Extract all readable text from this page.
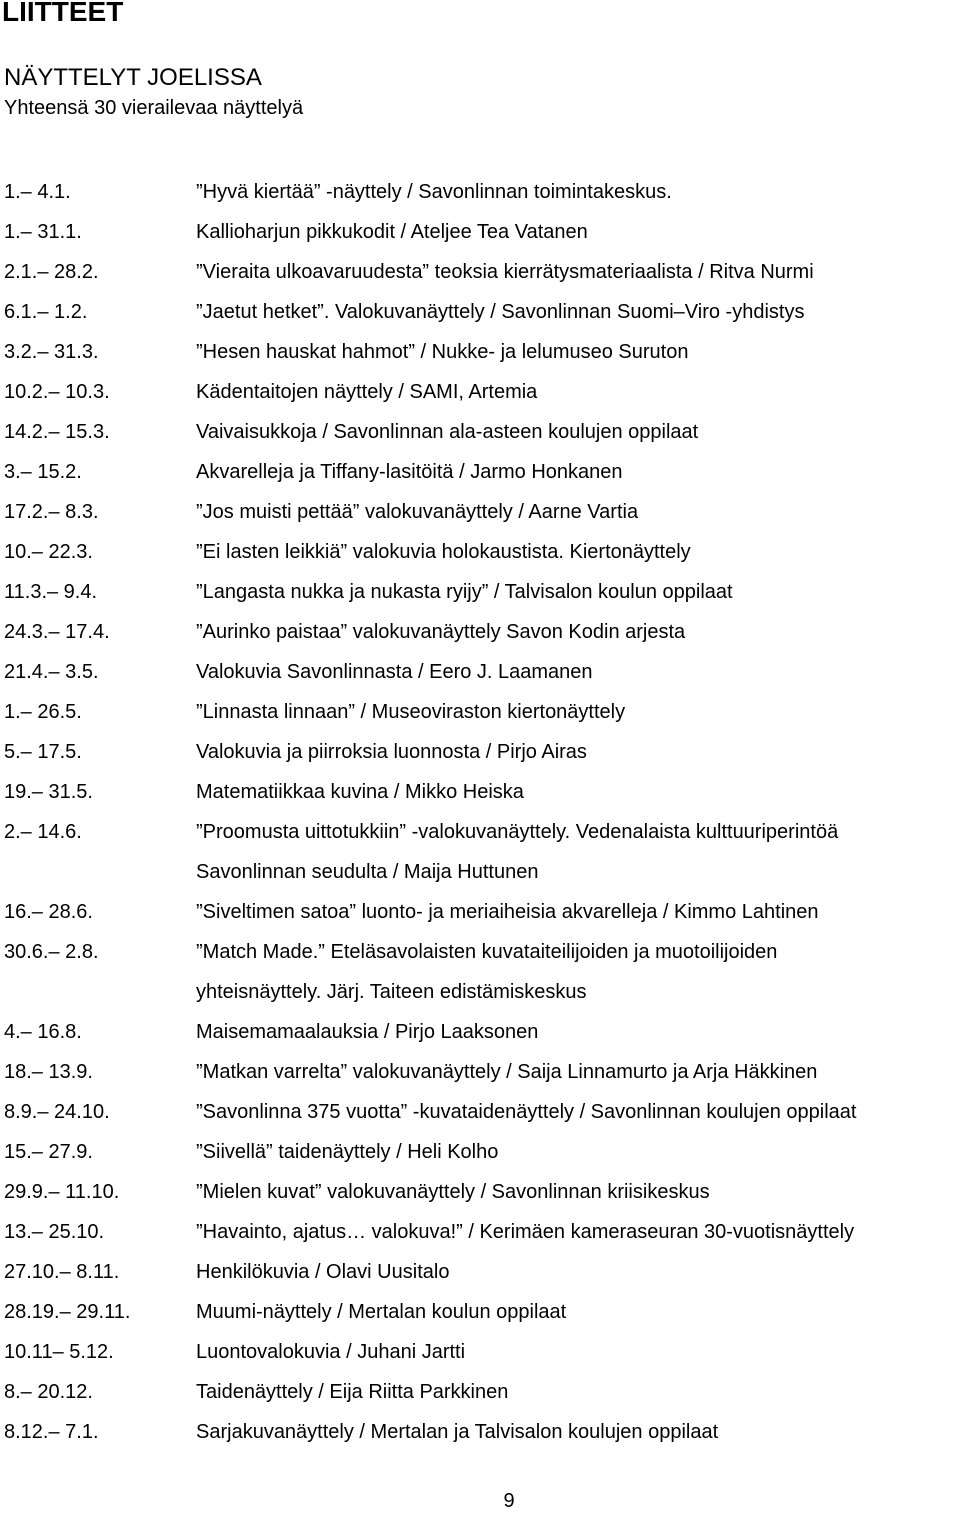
LIITTEET
NÄYTTELYT JOELISSA
Yhteensä 30 vierailevaa näyttelyä
1.– 4.1.	”Hyvä kiertää” -näyttely / Savonlinnan toimintakeskus.
1.– 31.1.	Kallioharjun pikkukodit / Ateljee Tea Vatanen
2.1.– 28.2.	”Vieraita ulkoavaruudesta” teoksia kierrätysmateriaalista / Ritva Nurmi
6.1.– 1.2.	”Jaetut hetket”. Valokuvanäyttely / Savonlinnan Suomi–Viro -yhdistys
3.2.– 31.3.	”Hesen hauskat hahmot” / Nukke- ja lelumuseo Suruton
10.2.– 10.3.	Kädentaitojen näyttely / SAMI, Artemia
14.2.– 15.3.	Vaivaisukkoja / Savonlinnan ala-asteen koulujen oppilaat
3.– 15.2.	Akvarelleja ja Tiffany-lasitöitä / Jarmo Honkanen
17.2.– 8.3.	”Jos muisti pettää” valokuvanäyttely / Aarne Vartia
10.– 22.3.	”Ei lasten leikkiä” valokuvia holokaustista. Kiertonäyttely
11.3.– 9.4.	”Langasta nukka ja nukasta ryijy” / Talvisalon koulun oppilaat
24.3.– 17.4.	”Aurinko paistaa” valokuvanäyttely Savon Kodin arjesta
21.4.– 3.5.	Valokuvia Savonlinnasta / Eero J. Laamanen
1.– 26.5.	”Linnasta linnaan” / Museoviraston kiertonäyttely
5.– 17.5.	Valokuvia ja piirroksia luonnosta / Pirjo Airas
19.– 31.5.	Matematiikkaa kuvina / Mikko Heiska
2.– 14.6.	”Proomusta uittotukkiin” -valokuvanäyttely. Vedenalaista kulttuuriperintöä
Savonlinnan seudulta / Maija Huttunen
16.– 28.6.	”Siveltimen satoa” luonto- ja meriaiheisia akvarelleja / Kimmo Lahtinen
30.6.– 2.8.	”Match Made.” Eteläsavolaisten kuvataiteilijoiden ja muotoilijoiden
yhteisnäyttely. Järj. Taiteen edistämiskeskus
4.– 16.8.	Maisemamaalauksia / Pirjo Laaksonen
18.– 13.9.	”Matkan varrelta” valokuvanäyttely / Saija Linnamurto ja Arja Häkkinen
8.9.– 24.10.	”Savonlinna 375 vuotta” -kuvataidenäyttely / Savonlinnan koulujen oppilaat
15.– 27.9.	”Siivellä” taidenäyttely / Heli Kolho
29.9.– 11.10.	”Mielen kuvat” valokuvanäyttely / Savonlinnan kriisikeskus
13.– 25.10.	”Havainto, ajatus… valokuva!” / Kerimäen kameraseuran 30-vuotisnäyttely
27.10.– 8.11.	Henkilökuvia / Olavi Uusitalo
28.19.– 29.11.	Muumi-näyttely / Mertalan koulun oppilaat
10.11– 5.12.	Luontovalokuvia / Juhani Jartti
8.– 20.12.	Taidenäyttely / Eija Riitta Parkkinen
8.12.– 7.1.	Sarjakuvanäyttely / Mertalan ja Talvisalon koulujen oppilaat
9
